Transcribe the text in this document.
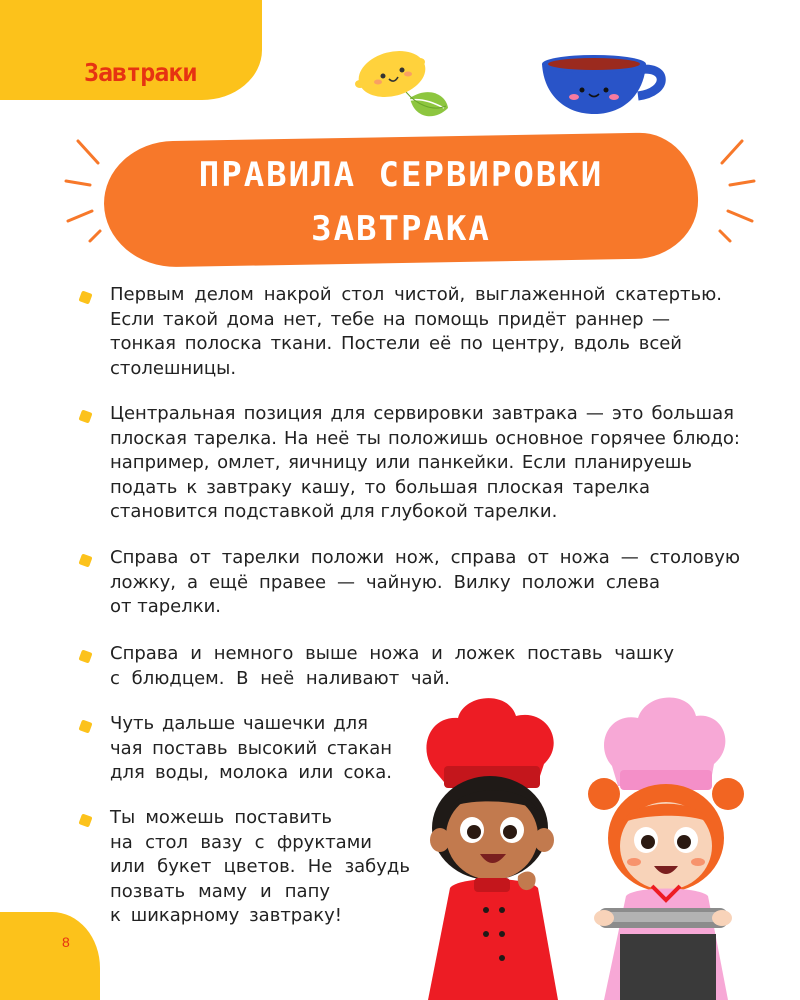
Завтраки
ПРАВИЛА СЕРВИРОВКИ
ЗАВТРАКА

Первым делом накрой стол чистой, выглаженной скатертью.
Если такой дома нет, тебе на помощь придёт раннер —
тонкая полоска ткани. Постели её по центру, вдоль всей
столешницы.

Центральная позиция для сервировки завтрака — это большая
плоская тарелка. На неё ты положишь основное горячее блюдо:
например, омлет, яичницу или панкейки. Если планируешь
подать к завтраку кашу, то большая плоская тарелка
становится подставкой для глубокой тарелки.

Справа от тарелки положи нож, справа от ножа — столовую
ложку, а ещё правее — чайную. Вилку положи слева
от тарелки.

Справа и немного выше ножа и ложек поставь чашку
с блюдцем. В неё наливают чай.

Чуть дальше чашечки для
чая поставь высокий стакан
для воды, молока или сока.

Ты можешь поставить
на стол вазу с фруктами
или букет цветов. Не забудь
позвать маму и папу
к шикарному завтраку!

8
